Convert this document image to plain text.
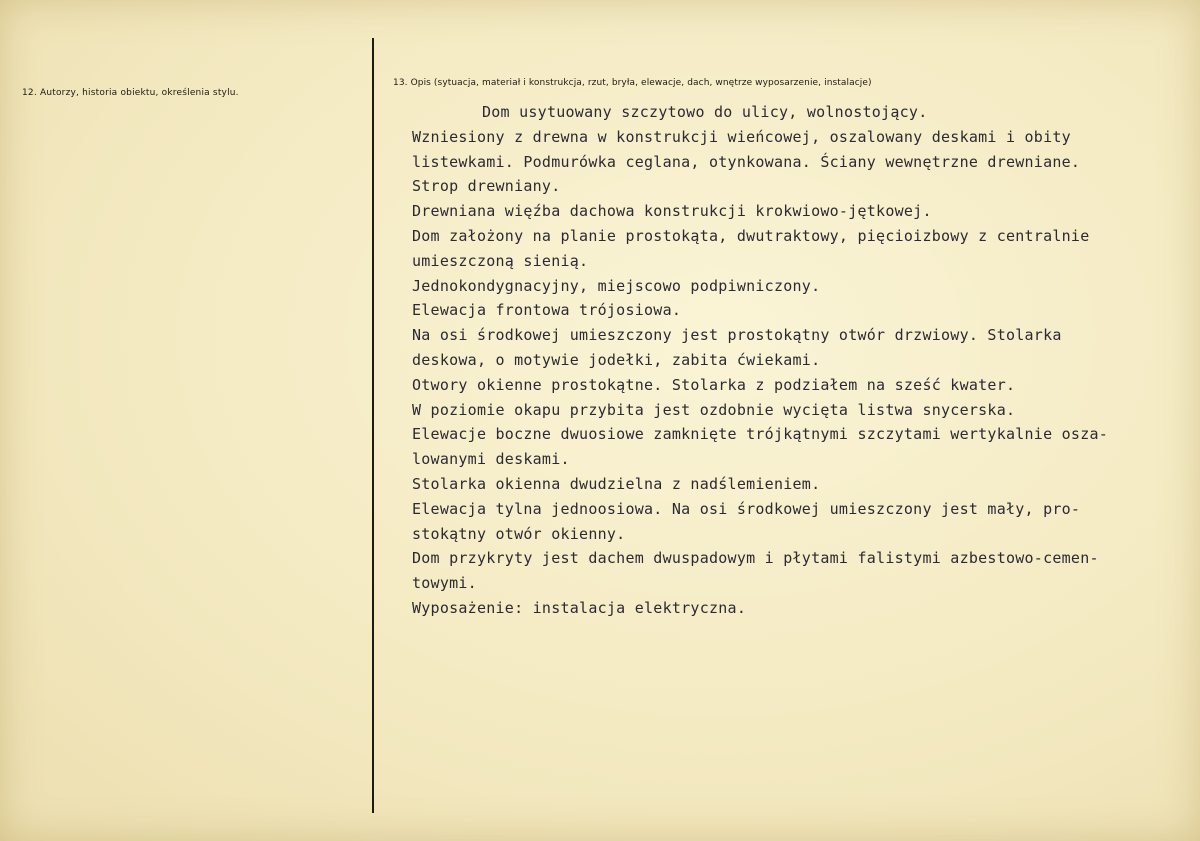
12. Autorzy, historia obiektu, określenia stylu.
13. Opis (sytuacja, materiał i konstrukcja, rzut, bryła, elewacje, dach, wnętrze wyposarzenie, instalacje)
Dom usytuowany szczytowo do ulicy, wolnostojący.
Wzniesiony z drewna w konstrukcji wieńcowej, oszalowany deskami i obity
listewkami. Podmurówka ceglana, otynkowana. Ściany wewnętrzne drewniane.
Strop drewniany.
Drewniana więźba dachowa konstrukcji krokwiowo-jętkowej.
Dom założony na planie prostokąta, dwutraktowy, pięcioizbowy z centralnie
umieszczoną sienią.
Jednokondygnacyjny, miejscowo podpiwniczony.
Elewacja frontowa trójosiowa.
Na osi środkowej umieszczony jest prostokątny otwór drzwiowy. Stolarka
deskowa, o motywie jodełki, zabita ćwiekami.
Otwory okienne prostokątne. Stolarka z podziałem na sześć kwater.
W poziomie okapu przybita jest ozdobnie wycięta listwa snycerska.
Elewacje boczne dwuosiowe zamknięte trójkątnymi szczytami wertykalnie osza-
lowanymi deskami.
Stolarka okienna dwudzielna z nadślemieniem.
Elewacja tylna jednoosiowa. Na osi środkowej umieszczony jest mały, pro-
stokątny otwór okienny.
Dom przykryty jest dachem dwuspadowym i płytami falistymi azbestowo-cemen-
towymi.
Wyposażenie: instalacja elektryczna.
